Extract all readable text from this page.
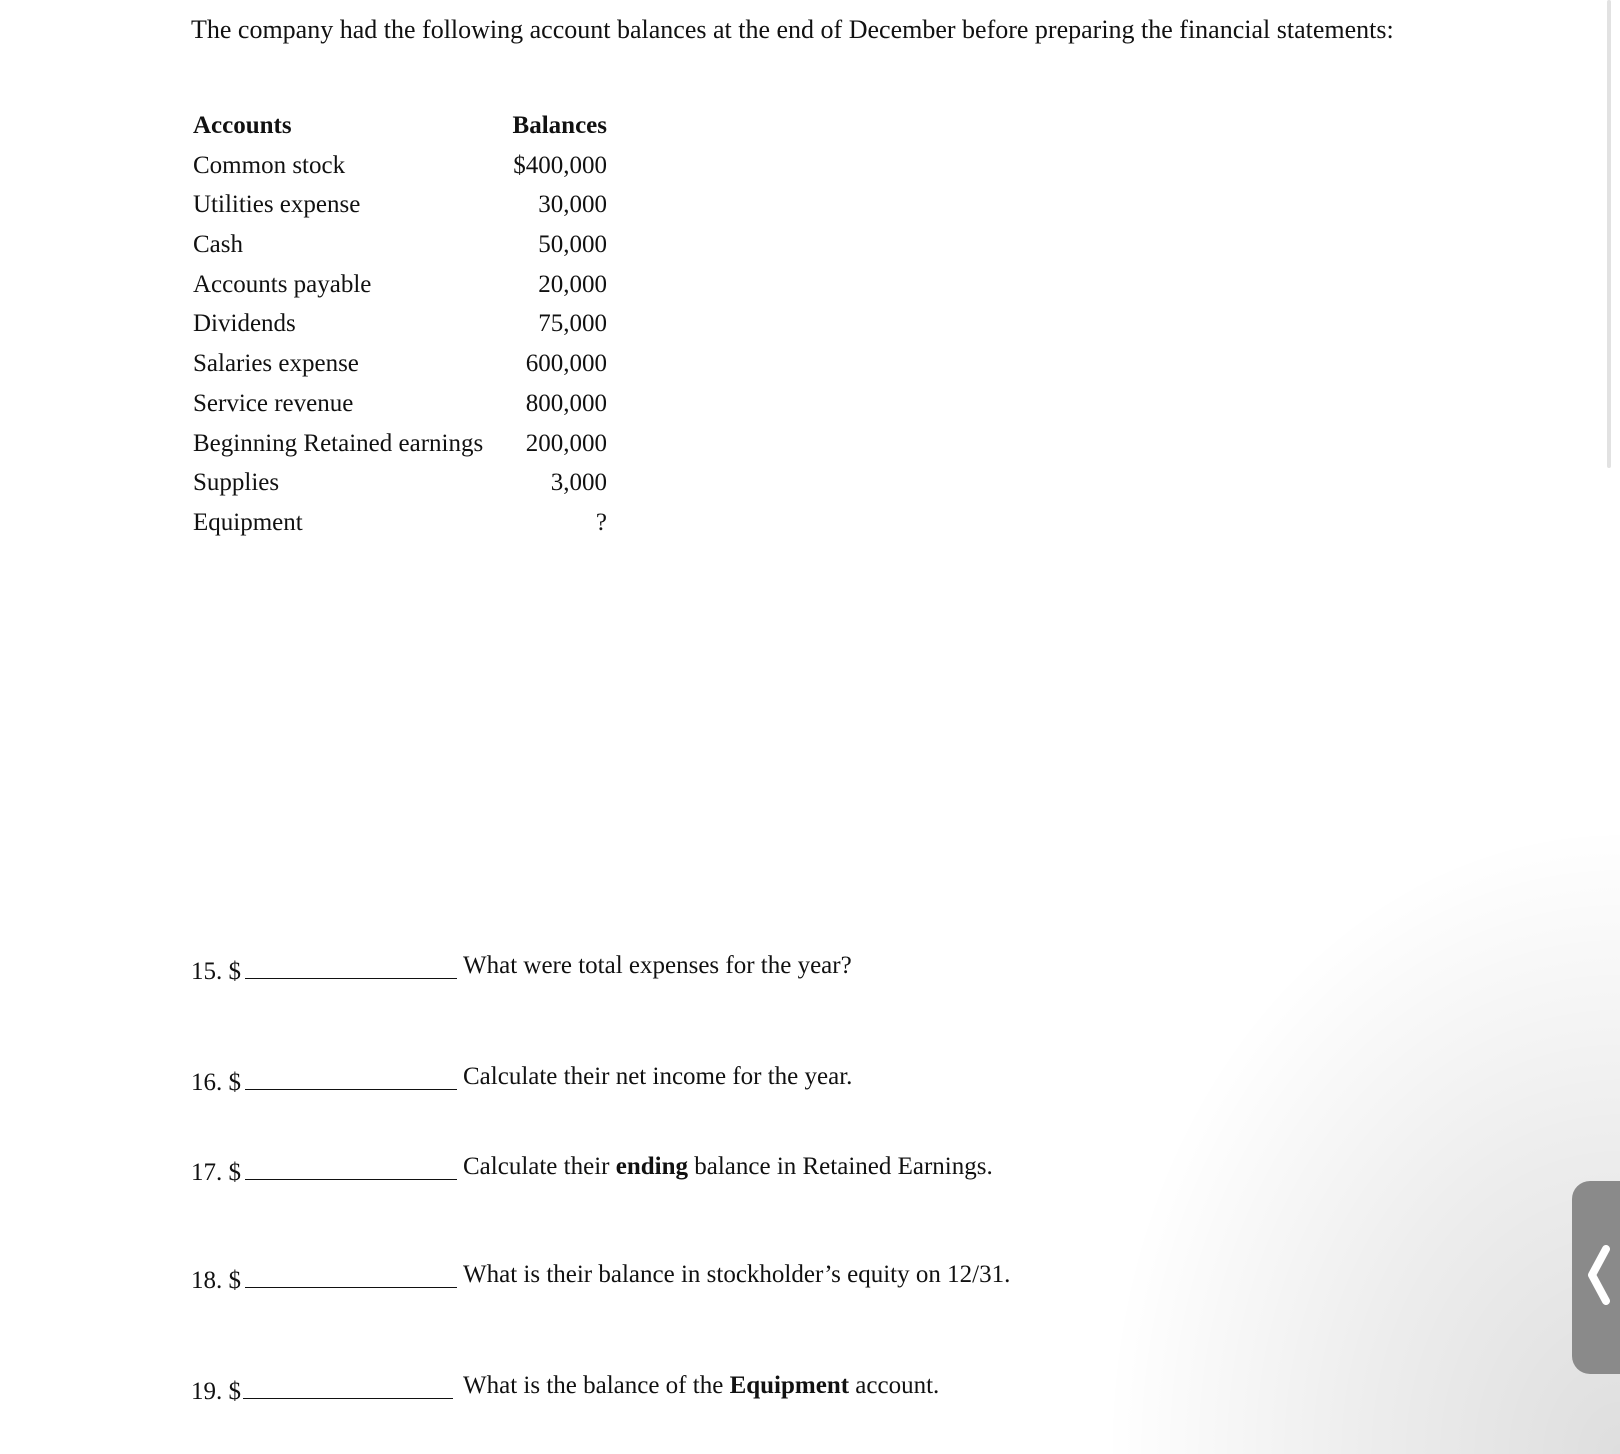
The company had the following account balances at the end of December before preparing the financial statements:
Accounts	Balances
Common stock	$400,000
Utilities expense	30,000
Cash	50,000
Accounts payable	20,000
Dividends	75,000
Salaries expense	600,000
Service revenue	800,000
Beginning Retained earnings 200,000
Supplies	3,000
Equipment	?
15. $	What were total expenses for the year?
16. $	Calculate their net income for the year.
17. $	Calculate their ending balance in Retained Earnings.
18. $	What is their balance in stockholder’s equity on 12/31.
19. $	What is the balance of the Equipment account.
